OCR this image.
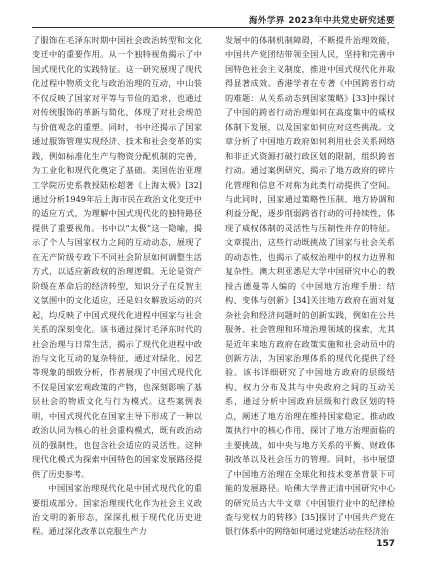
海外学界 2023年中共党史研究述要

了服饰在毛泽东时期中国社会政治转型和文化变迁中的重要作用。从一个独特视角揭示了中国式现代化的实践特征。这一研究展现了现代化过程中物质文化与政治治理的互动，中山装不仅反映了国家对平等与节俭的追求，也通过对传统服饰的革新与简化，体现了对社会规范与价值观念的重塑。同时，书中还揭示了国家通过服饰管理实现经济、技术和社会变革的实践，例如标准化生产与物资分配机制的完善，为工业化和现代化奠定了基础。美国佐治亚理工学院历史系教授陆松超著《上海太极》[32]通过分析1949年后上海市民在政治文化变迁中的适应方式，为理解中国式现代化的独特路径提供了重要视角。书中以“太极”这一隐喻，揭示了个人与国家权力之间的互动动态，展现了在无产阶级专政下不同社会阶层如何调整生活方式，以适应新政权的治理逻辑。无论是资产阶级在革命后的经济转型，知识分子在反智主义氛围中的文化适应，还是妇女解放运动的兴起，均反映了中国式现代化进程中国家与社会关系的深刻变化。该书通过探讨毛泽东时代的社会治理与日常生活，揭示了现代化进程中政治与文化互动的复杂特征，通过对绿化、园艺等现象的细致分析，作者展现了中国式现代化不仅是国家宏观政策的产物，也深刻影响了基层社会的物质文化与行为模式。这些案例表明，中国式现代化在国家主导下形成了一种以政治认同为核心的社会重构模式，既有政治动员的强制性，也包含社会适应的灵活性。这种现代化模式为探索中国特色的国家发展路径提供了历史参考。

中国国家治理现代化是中国式现代化的重要组成部分。国家治理现代化作为社会主义政治文明的新形态，深深扎根于现代化历史进程。通过深化改革以克服生产力

发展中的体制机制障碍，不断提升治理效能，中国共产党团结带领全国人民，坚持和完善中国特色社会主义制度，推进中国式现代化并取得显著成效。香港学者在专著《中国跨省行动的难题：从关系动态到国家策略》[33]中探讨了中国的跨省行动治理如何在高度集中的威权体制下发展，以及国家如何应对这些挑战。文章分析了中国地方政府如何利用社会关系网络和非正式资源打破行政区划的限制，组织跨省行动。通过案例研究，揭示了地方政府的碎片化管理和信息不对称为此类行动提供了空间。与此同时，国家通过策略性压制、地方协调和利益分配，逐步削弱跨省行动的可持续性，体现了威权体制的灵活性与压制性并存的特征。文章提出，这些行动既挑战了国家与社会关系的动态性，也揭示了威权治理中的权力边界和复杂性。澳大利亚悉尼大学中国研究中心的教授古德曼等人编的《中国地方治理手册：结构、变体与创新》[34]关注地方政府在面对复杂社会和经济问题时的创新实践，例如在公共服务、社会管理和环境治理领域的探索，尤其是近年来地方政府在政策实施和社会动员中的创新方法，为国家治理体系的现代化提供了经验。该书详细研究了中国地方政府的层级结构、权力分布及其与中央政府之间的互动关系，通过分析中国政府层级和行政区划的特点，阐述了地方治理在维持国家稳定、推动政策执行中的核心作用，探讨了地方治理面临的主要挑战，如中央与地方关系的平衡、财政体制改革以及社会压力的管理。同时，书中展望了中国地方治理在全球化和技术变革背景下可能的发展路径。哈佛大学普正清中国研究中心的研究员古大牛文章《中国银行业中的纪律检查与党权力的转移》[35]探讨了中国共产党在银行体系中的网络如何通过党建活动在经济治

157
